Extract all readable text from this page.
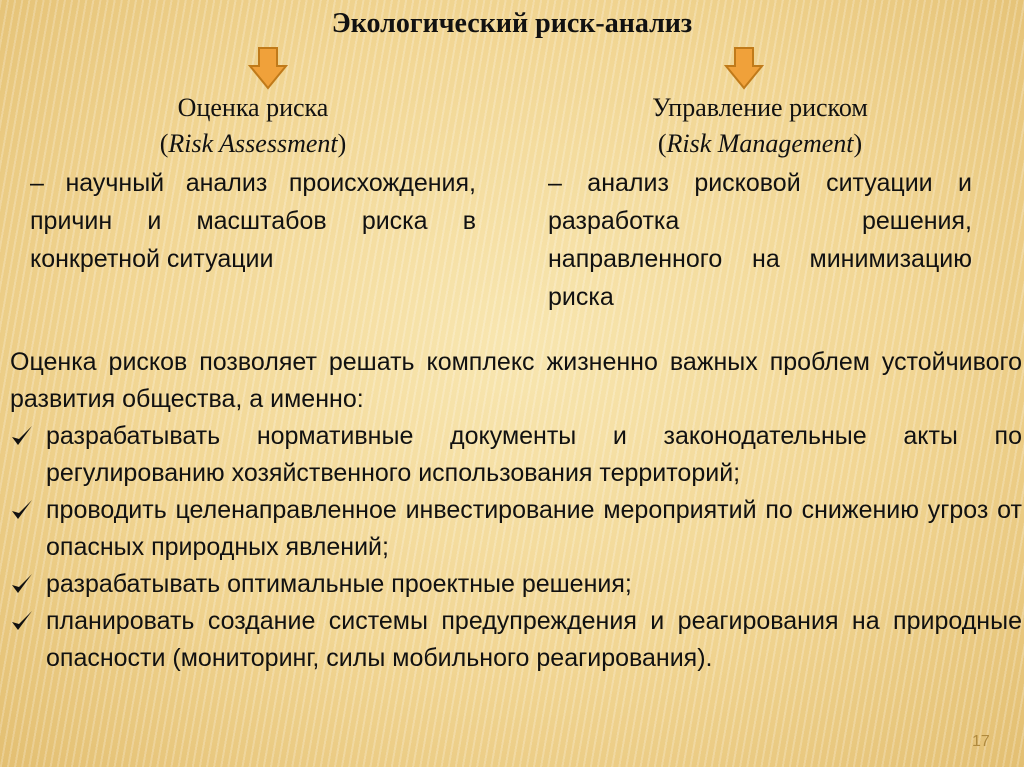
Экологический риск-анализ
Оценка риска
(Risk Assessment)
– научный анализ происхождения, причин и масштабов риска в конкретной ситуации
Управление риском
(Risk Management)
– анализ рисковой ситуации и разработка решения, направленного на минимизацию риска
Оценка рисков позволяет решать комплекс жизненно важных проблем устойчивого развития общества, а именно:
разрабатывать нормативные документы и законодательные акты по регулированию хозяйственного использования территорий;
проводить целенаправленное инвестирование мероприятий по снижению угроз от опасных природных явлений;
разрабатывать оптимальные проектные решения;
планировать создание системы предупреждения и реагирования на природные опасности (мониторинг, силы мобильного реагирования).
17
